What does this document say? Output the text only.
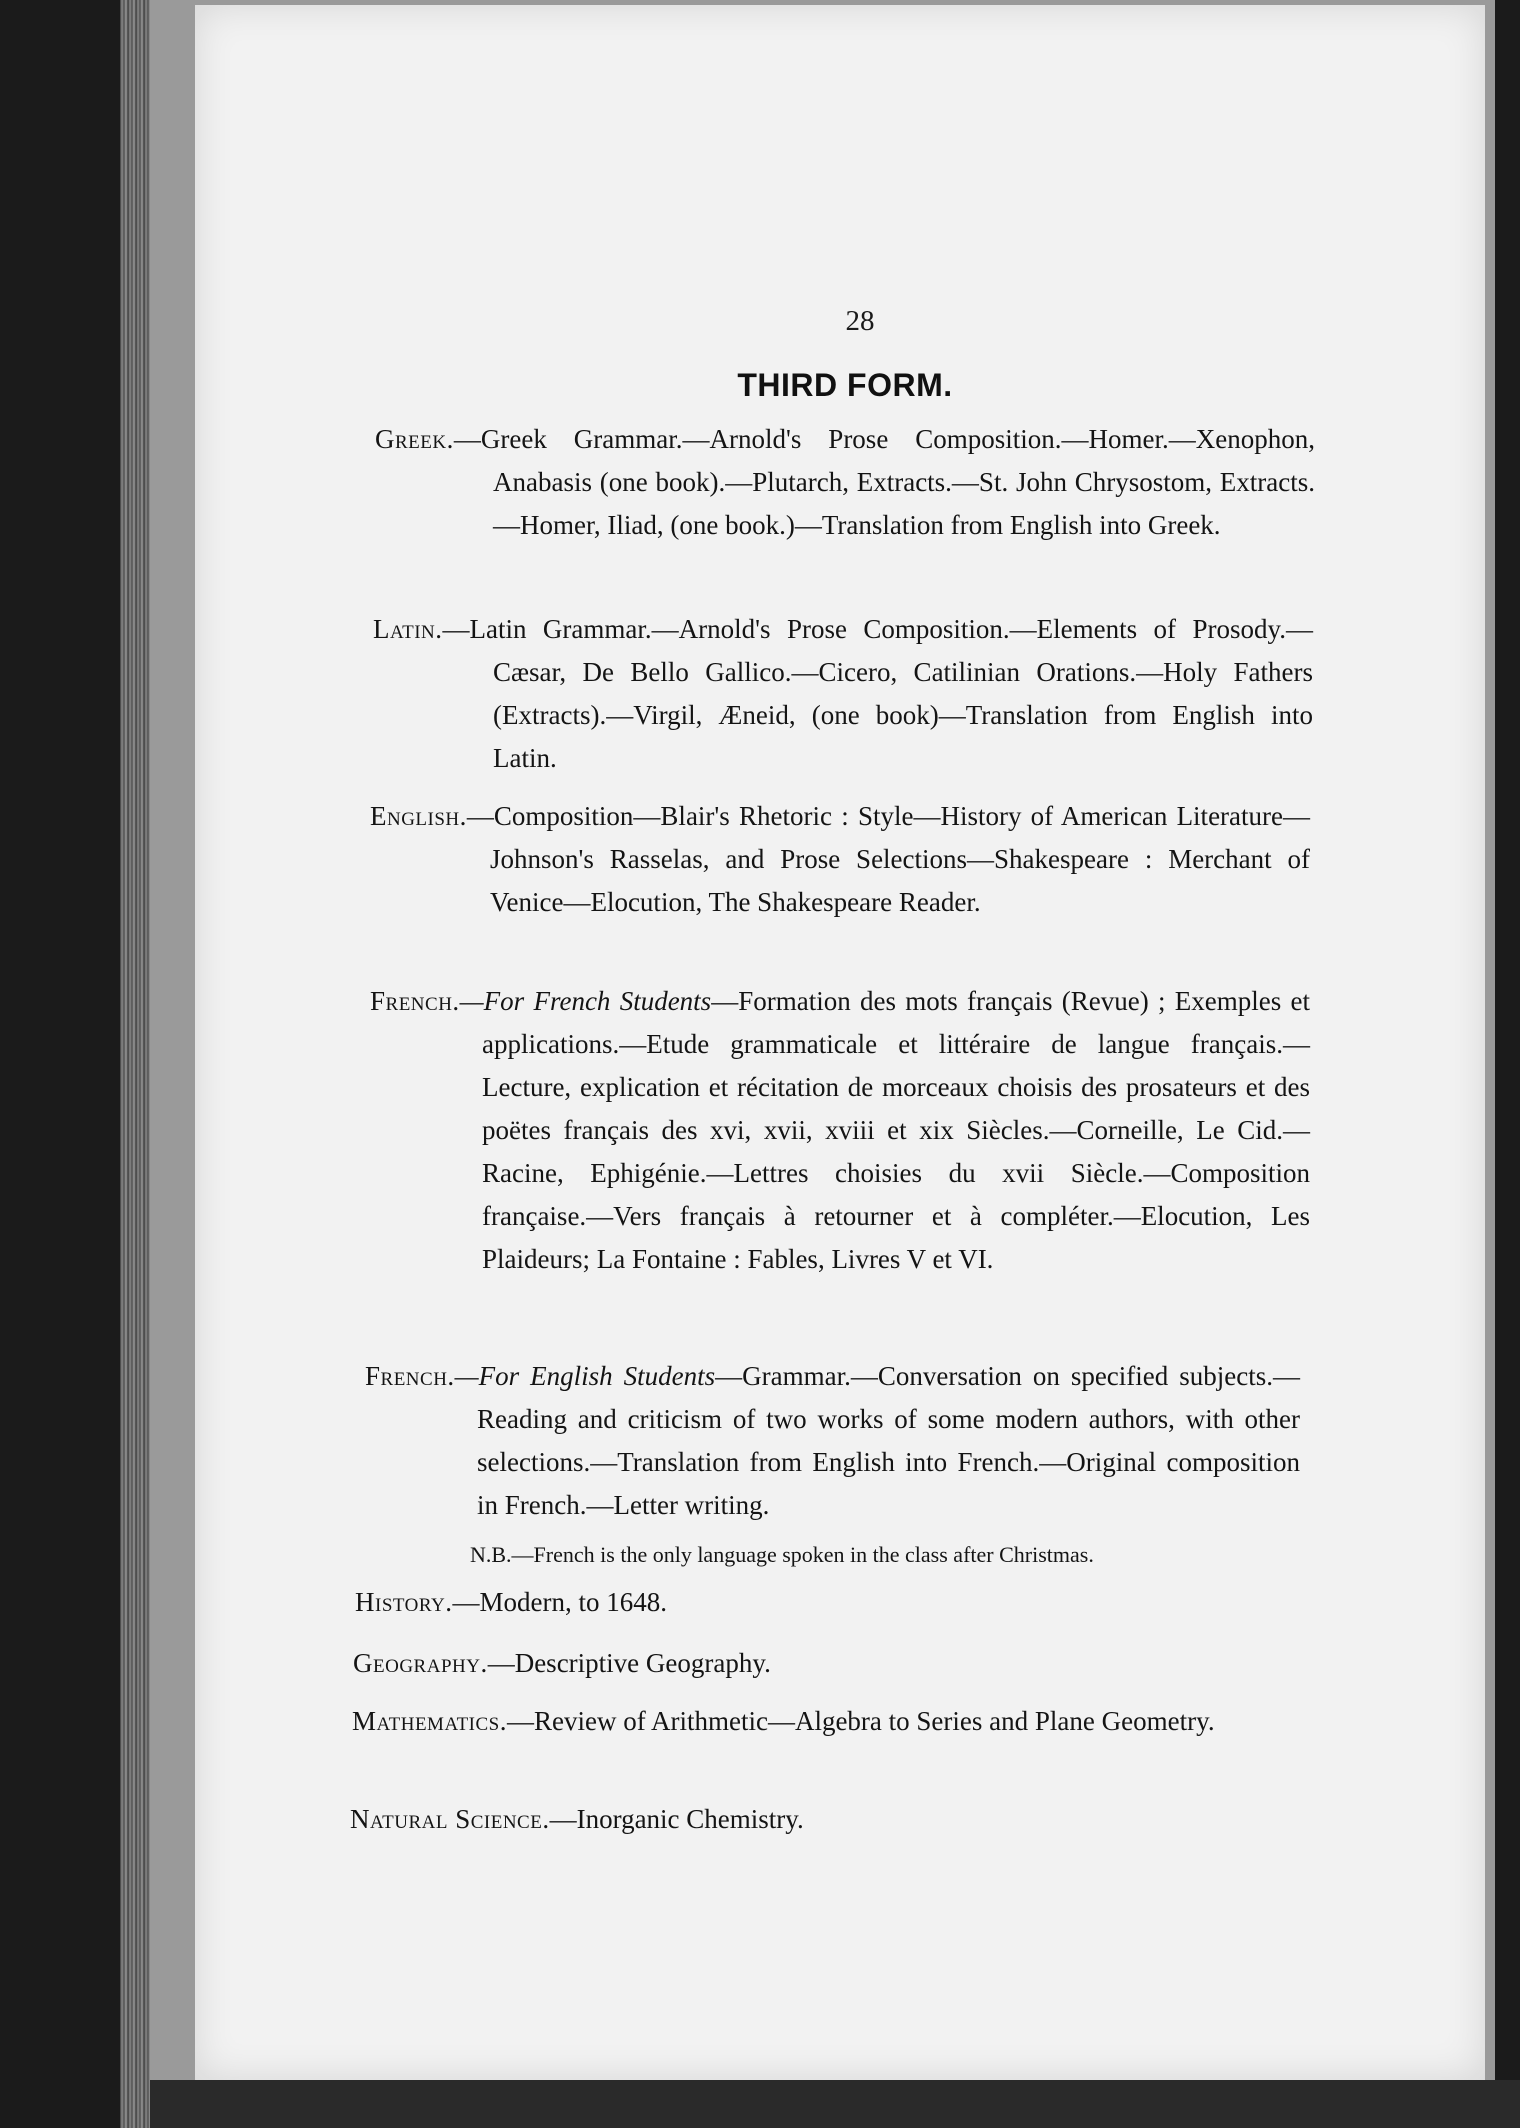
28
THIRD FORM.
Greek.—Greek Grammar.—Arnold's Prose Composition.—Homer.—Xenophon, Anabasis (one book).—Plutarch, Extracts.—St. John Chrysostom, Extracts.—Homer, Iliad, (one book.)—Translation from English into Greek.
Latin.—Latin Grammar.—Arnold's Prose Composition.—Elements of Prosody.—Cæsar, De Bello Gallico.—Cicero, Catilinian Orations.—Holy Fathers (Extracts).—Virgil, Æneid, (one book)—Translation from English into Latin.
English.—Composition—Blair's Rhetoric : Style—History of American Literature—Johnson's Rasselas, and Prose Selections—Shakespeare : Merchant of Venice—Elocution, The Shakespeare Reader.
French.—For French Students—Formation des mots français (Revue) ; Exemples et applications.—Etude grammaticale et littéraire de langue français.—Lecture, explication et récitation de morceaux choisis des prosateurs et des poëtes français des xvi, xvii, xviii et xix Siècles.—Corneille, Le Cid.—Racine, Ephigénie.—Lettres choisies du xvii Siècle.—Composition française.—Vers français à retourner et à compléter.—Elocution, Les Plaideurs; La Fontaine : Fables, Livres V et VI.
French.—For English Students—Grammar.—Conversation on specified subjects.—Reading and criticism of two works of some modern authors, with other selections.—Translation from English into French.—Original composition in French.—Letter writing.
N.B.—French is the only language spoken in the class after Christmas.
History.—Modern, to 1648.
Geography.—Descriptive Geography.
Mathematics.—Review of Arithmetic—Algebra to Series and Plane Geometry.
Natural Science.—Inorganic Chemistry.
